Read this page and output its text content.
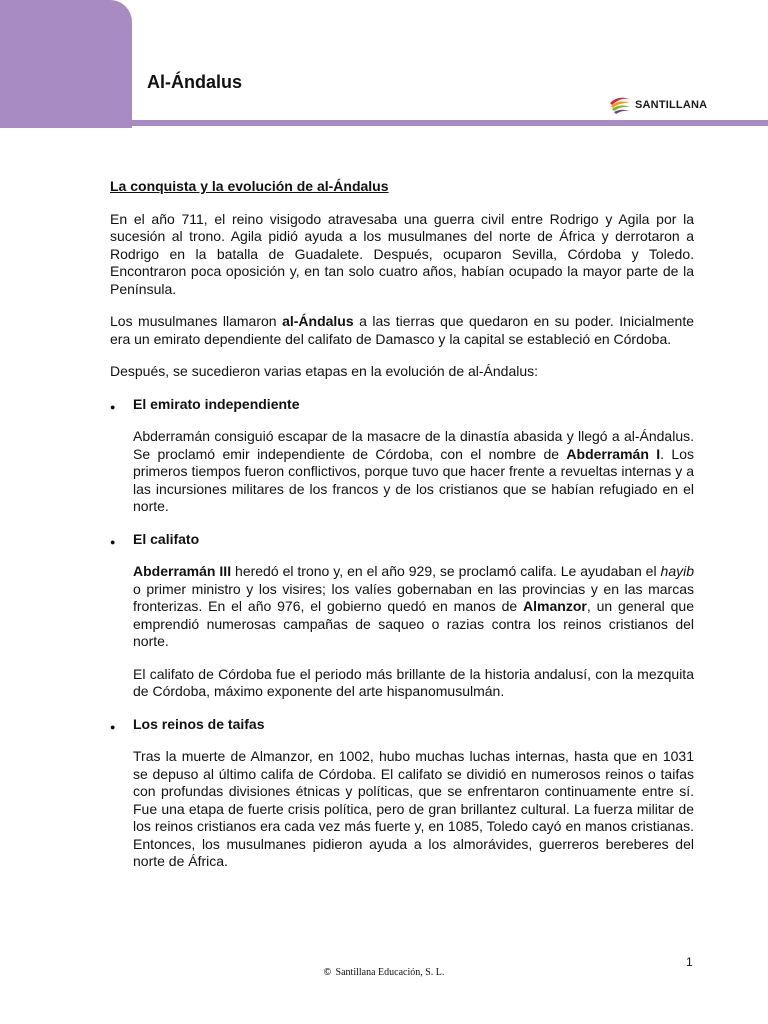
Al-Ándalus
SANTILLANA

La conquista y la evolución de al-Ándalus

En el año 711, el reino visigodo atravesaba una guerra civil entre Rodrigo y Agila por la sucesión al trono. Agila pidió ayuda a los musulmanes del norte de África y derrotaron a Rodrigo en la batalla de Guadalete. Después, ocuparon Sevilla, Córdoba y Toledo. Encontraron poca oposición y, en tan solo cuatro años, habían ocupado la mayor parte de la Península.

Los musulmanes llamaron al-Ándalus a las tierras que quedaron en su poder. Inicialmente era un emirato dependiente del califato de Damasco y la capital se estableció en Córdoba.

Después, se sucedieron varias etapas en la evolución de al-Ándalus:

● El emirato independiente

Abderramán consiguió escapar de la masacre de la dinastía abasida y llegó a al-Ándalus. Se proclamó emir independiente de Córdoba, con el nombre de Abderramán I. Los primeros tiempos fueron conflictivos, porque tuvo que hacer frente a revueltas internas y a las incursiones militares de los francos y de los cristianos que se habían refugiado en el norte.

● El califato

Abderramán III heredó el trono y, en el año 929, se proclamó califa. Le ayudaban el hayib o primer ministro y los visires; los valíes gobernaban en las provincias y en las marcas fronterizas. En el año 976, el gobierno quedó en manos de Almanzor, un general que emprendió numerosas campañas de saqueo o razias contra los reinos cristianos del norte.

El califato de Córdoba fue el periodo más brillante de la historia andalusí, con la mezquita de Córdoba, máximo exponente del arte hispanomusulmán.

● Los reinos de taifas

Tras la muerte de Almanzor, en 1002, hubo muchas luchas internas, hasta que en 1031 se depuso al último califa de Córdoba. El califato se dividió en numerosos reinos o taifas con profundas divisiones étnicas y políticas, que se enfrentaron continuamente entre sí. Fue una etapa de fuerte crisis política, pero de gran brillantez cultural. La fuerza militar de los reinos cristianos era cada vez más fuerte y, en 1085, Toledo cayó en manos cristianas. Entonces, los musulmanes pidieron ayuda a los almorávides, guerreros bereberes del norte de África.

1
© Santillana Educación, S. L.
